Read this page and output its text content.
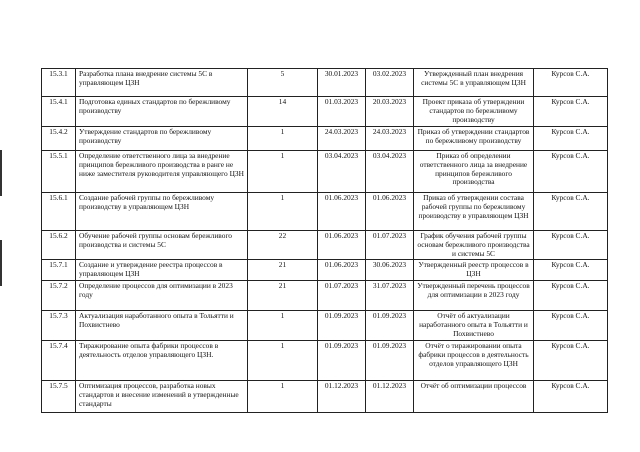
15.3.1	Разработка плана внедрение системы 5С в управляющем ЦЗН	5	30.01.2023	03.02.2023	Утвержденный план внедрения системы 5С в управляющем ЦЗН	Курсов С.А.
15.4.1	Подготовка единых стандартов по бережливому производству	14	01.03.2023	20.03.2023	Проект приказа об утверждении стандартов по бережливому производству	Курсов С.А.
15.4.2	Утверждение стандартов по бережливому производству	1	24.03.2023	24.03.2023	Приказ об утверждении стандартов по бережливому производству	Курсов С.А.
15.5.1	Определение ответственного лица за внедрение принципов бережливого производства в ранге не ниже заместителя руководителя управляющего ЦЗН	1	03.04.2023	03.04.2023	Приказ об определении ответственного лица за внедрение принципов бережливого производства	Курсов С.А.
15.6.1	Создание рабочей группы по бережливому производству в управляющем ЦЗН	1	01.06.2023	01.06.2023	Приказ об утверждении состава рабочей группы по бережливому производству в управляющем ЦЗН	Курсов С.А.
15.6.2	Обучение рабочей группы основам бережливого производства и системы 5С	22	01.06.2023	01.07.2023	График обучения рабочей группы основам бережливого производства и системы 5С	Курсов С.А.
15.7.1	Создание и утверждение реестра процессов в управляющем ЦЗН	21	01.06.2023	30.06.2023	Утвержденный реестр процессов в ЦЗН	Курсов С.А.
15.7.2	Определение процессов для оптимизации в 2023 году	21	01.07.2023	31.07.2023	Утвержденный перечень процессов для оптимизации в 2023 году	Курсов С.А.
15.7.3	Актуализация наработанного опыта в Тольятти и Похвистнево	1	01.09.2023	01.09.2023	Отчёт об актуализации наработанного опыта в Тольятти и Похвистнево	Курсов С.А.
15.7.4	Тиражирование опыта фабрики процессов в деятельность отделов управляющего ЦЗН.	1	01.09.2023	01.09.2023	Отчёт о тиражировании опыта фабрики процессов в деятельность отделов управляющего ЦЗН	Курсов С.А.
15.7.5	Оптимизация процессов, разработка новых стандартов и внесение изменений в утвержденные стандарты	1	01.12.2023	01.12.2023	Отчёт об оптимизации процессов	Курсов С.А.
